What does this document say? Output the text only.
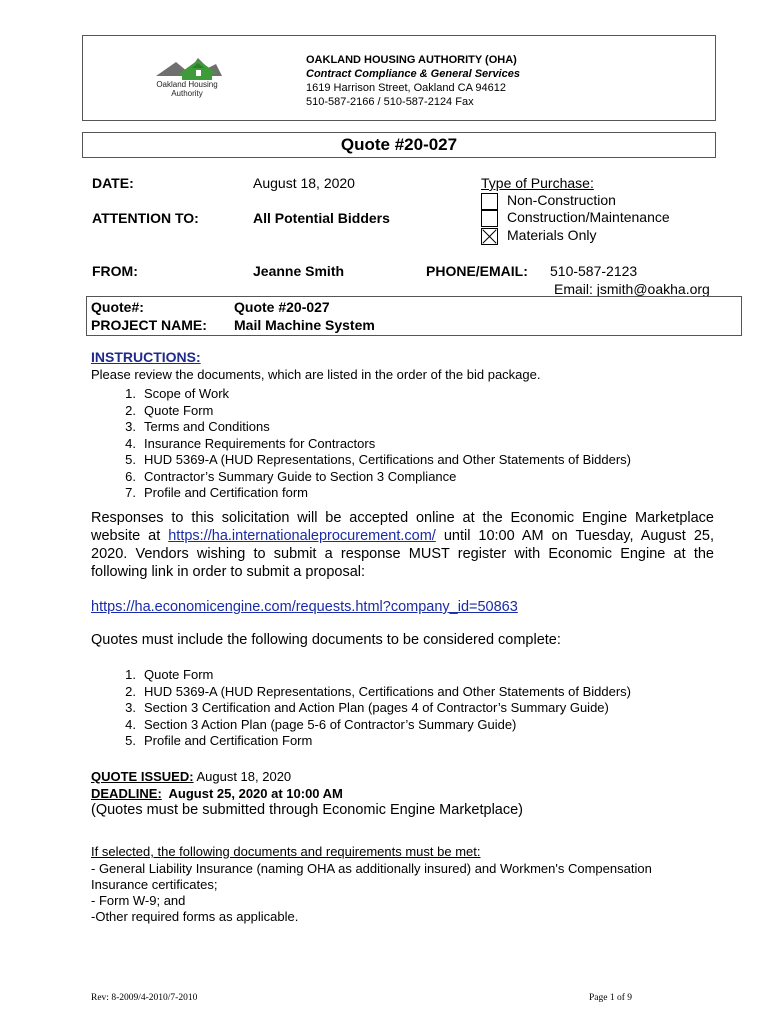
Oakland Housing
Authority
OAKLAND HOUSING AUTHORITY (OHA)
Contract Compliance & General Services
1619 Harrison Street, Oakland CA 94612
510-587-2166 / 510-587-2124 Fax
Quote #20-027
DATE:	August 18, 2020
ATTENTION TO:	All Potential Bidders
Type of Purchase:
Non-Construction
Construction/Maintenance
Materials Only
FROM:	Jeanne Smith	PHONE/EMAIL: 510-587-2123
Email: jsmith@oakha.org
Quote#:	Quote #20-027
PROJECT NAME: Mail Machine System
INSTRUCTIONS:
Please review the documents, which are listed in the order of the bid package.
1. Scope of Work
2. Quote Form
3. Terms and Conditions
4. Insurance Requirements for Contractors
5. HUD 5369-A (HUD Representations, Certifications and Other Statements of Bidders)
6. Contractor’s Summary Guide to Section 3 Compliance
7. Profile and Certification form
Responses to this solicitation will be accepted online at the Economic Engine Marketplace website at https://ha.internationaleprocurement.com/ until 10:00 AM on Tuesday, August 25, 2020. Vendors wishing to submit a response MUST register with Economic Engine at the following link in order to submit a proposal:
https://ha.economicengine.com/requests.html?company_id=50863
Quotes must include the following documents to be considered complete:
1. Quote Form
2. HUD 5369-A (HUD Representations, Certifications and Other Statements of Bidders)
3. Section 3 Certification and Action Plan (pages 4 of Contractor’s Summary Guide)
4. Section 3 Action Plan (page 5-6 of Contractor’s Summary Guide)
5. Profile and Certification Form
QUOTE ISSUED: August 18, 2020
DEADLINE:  August 25, 2020 at 10:00 AM
(Quotes must be submitted through Economic Engine Marketplace)
If selected, the following documents and requirements must be met:
- General Liability Insurance (naming OHA as additionally insured) and Workmen's Compensation
Insurance certificates;
- Form W-9; and
-Other required forms as applicable.
Rev: 8-2009/4-2010/7-2010	Page 1 of 9
